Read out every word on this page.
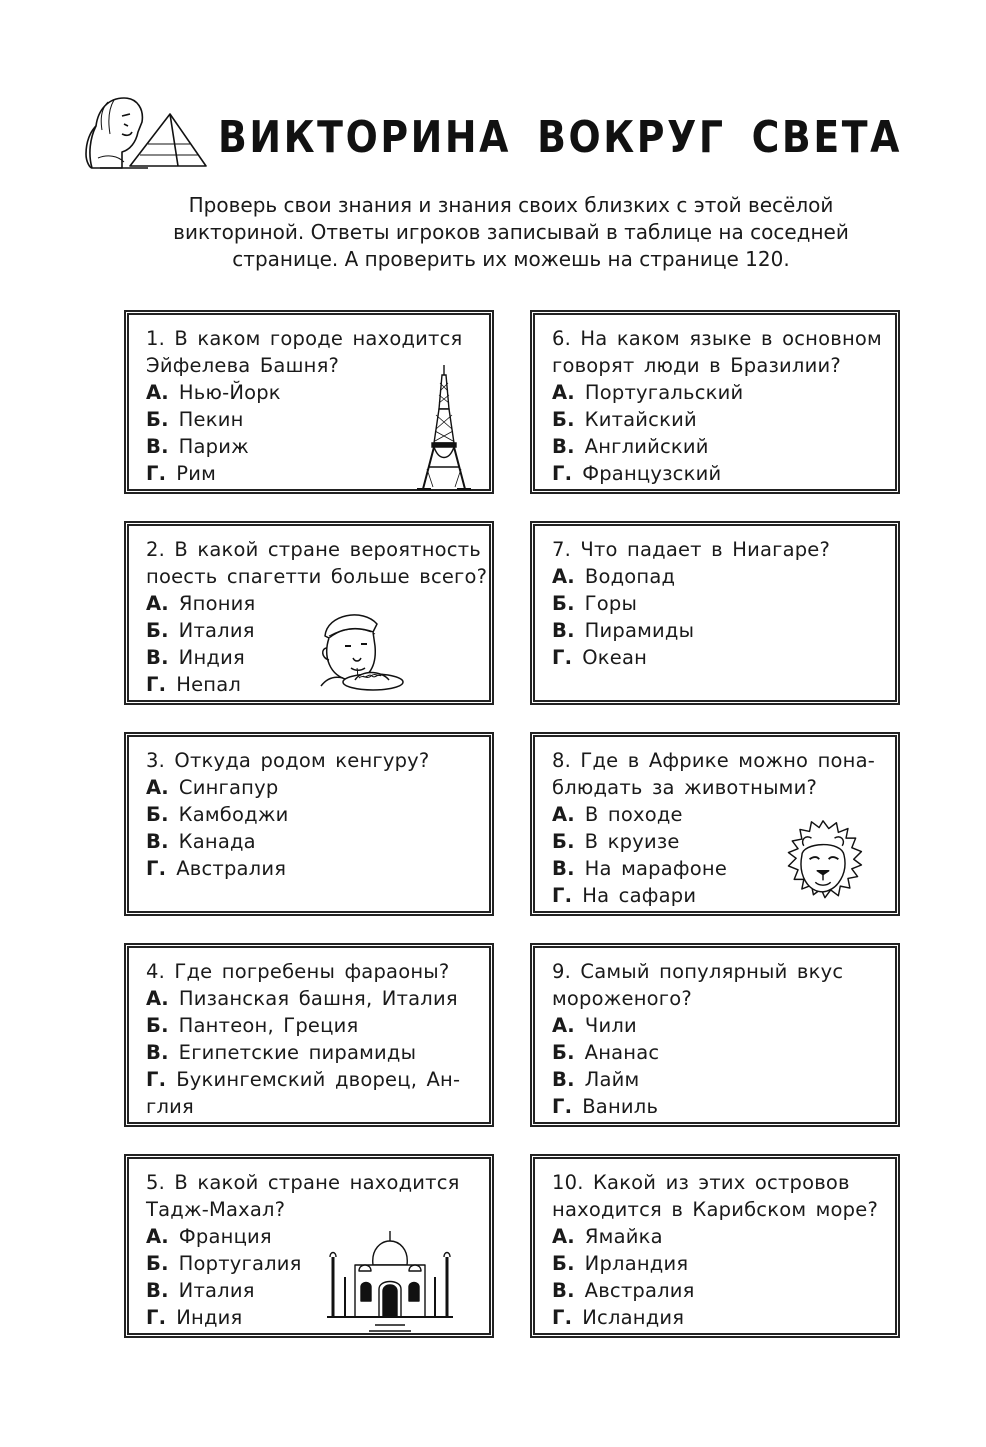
ВИКТОРИНА ВОКРУГ СВЕТА
Проверь свои знания и знания своих близких с этой весёлой
викториной. Ответы игроков записывай в таблице на соседней
странице. А проверить их можешь на странице 120.
1. В каком городе находится
Эйфелева Башня?
А. Нью-Йорк
Б. Пекин
В. Париж
Г. Рим
6. На каком языке в основном
говорят люди в Бразилии?
А. Португальский
Б. Китайский
В. Английский
Г. Французский
2. В какой стране вероятность
поесть спагетти больше всего?
А. Япония
Б. Италия
В. Индия
Г. Непал
7. Что падает в Ниагаре?
А. Водопад
Б. Горы
В. Пирамиды
Г. Океан
3. Откуда родом кенгуру?
А. Сингапур
Б. Камбоджи
В. Канада
Г. Австралия
8. Где в Африке можно пона-
блюдать за животными?
А. В походе
Б. В круизе
В. На марафоне
Г. На сафари
4. Где погребены фараоны?
А. Пизанская башня, Италия
Б. Пантеон, Греция
В. Египетские пирамиды
Г. Букингемский дворец, Ан-
глия
9. Самый популярный вкус
мороженого?
А. Чили
Б. Ананас
В. Лайм
Г. Ваниль
5. В какой стране находится
Тадж-Махал?
А. Франция
Б. Португалия
В. Италия
Г. Индия
10. Какой из этих островов
находится в Карибском море?
А. Ямайка
Б. Ирландия
В. Австралия
Г. Исландия
